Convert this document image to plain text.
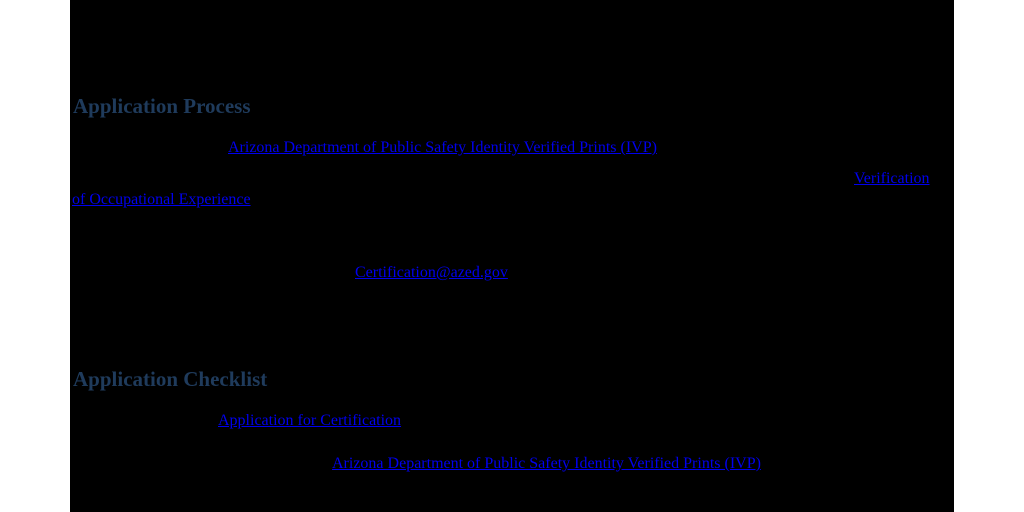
Application Process
Arizona Department of Public Safety Identity Verified Prints (IVP)
Verification
of Occupational Experience
Certification@azed.gov
Application Checklist
Application for Certification
Arizona Department of Public Safety Identity Verified Prints (IVP)
